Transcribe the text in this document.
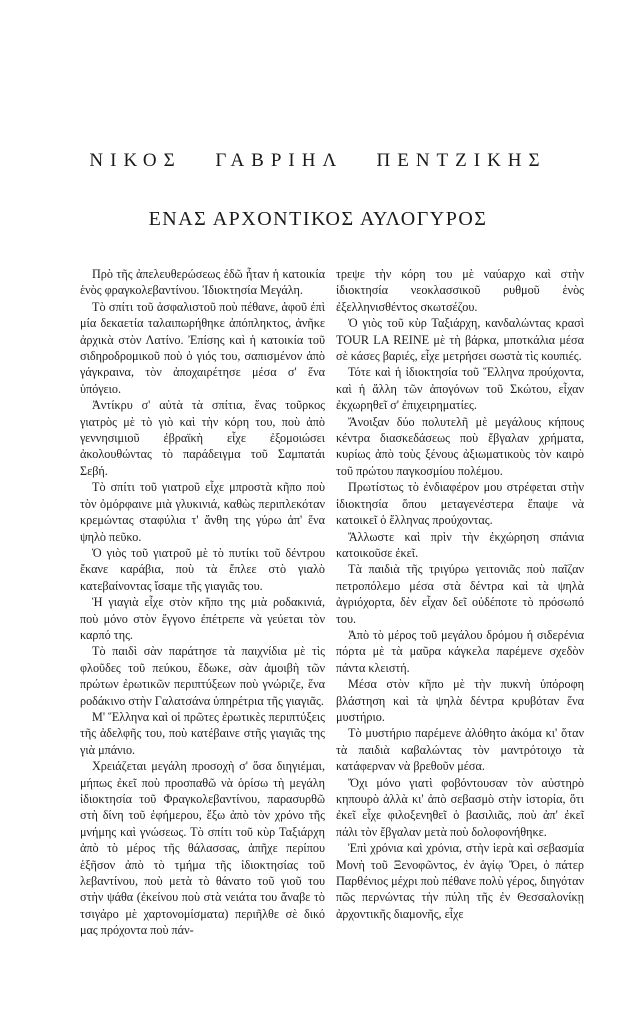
ΝΙΚΟΣ ΓΑΒΡΙΗΛ ΠΕΝΤΖΙΚΗΣ
ΕΝΑΣ ΑΡΧΟΝΤΙΚΟΣ ΑΥΛΟΓΥΡΟΣ

Πρὸ τῆς ἀπελευθερώσεως ἐδῶ ἦταν ἡ κατοικία ἑνὸς φραγκολεβαντίνου. Ἰδιοκτησία Μεγάλη.

Τὸ σπίτι τοῦ ἀσφαλιστοῦ ποὺ πέθανε, ἀφοῦ ἐπὶ μία δεκαετία ταλαιπωρήθηκε ἀπόπληκτος, ἀνῆκε ἀρχικὰ στὸν Λατίνο. Ἐπίσης καὶ ἡ κατοικία τοῦ σιδηροδρομικοῦ ποὺ ὁ γιός του, σαπισμένον ἀπὸ γάγκραινα, τὸν ἀποχαιρέτησε μέσα σ' ἕνα ὑπόγειο.

Ἀντίκρυ σ' αὐτὰ τὰ σπίτια, ἕνας τοῦρκος γιατρὸς μὲ τὸ γιὸ καὶ τὴν κόρη του, ποὺ ἀπὸ γεννησιμιοῦ ἐβραϊκὴ εἶχε ἐξομοιώσει ἀκολουθώντας τὸ παράδειγμα τοῦ Σαμπατάι Σεβή.

Τὸ σπίτι τοῦ γιατροῦ εἶχε μπροστὰ κῆπο ποὺ τὸν ὀμόρφαινε μιὰ γλυκινιά, καθὼς περιπλεκόταν κρεμώντας σταφύλια τ' ἄνθη της γύρω ἀπ' ἕνα ψηλὸ πεῦκο.

Ὁ γιὸς τοῦ γιατροῦ μὲ τὸ πυτίκι τοῦ δέντρου ἔκανε καράβια, ποὺ τὰ ἔπλεε στὸ γιαλὸ κατεβαίνοντας ἴσαμε τῆς γιαγιᾶς του.

Ἡ γιαγιὰ εἶχε στὸν κῆπο της μιὰ ροδακινιά, ποὺ μόνο στὸν ἔγγονο ἐπέτρεπε νὰ γεύεται τὸν καρπό της.

Τὸ παιδὶ σὰν παράτησε τὰ παιχνίδια μὲ τὶς φλοῦδες τοῦ πεύκου, ἔδωκε, σὰν ἀμοιβὴ τῶν πρώτων ἐρωτικῶν περιπτύξεων ποὺ γνώριζε, ἕνα ροδάκινο στὴν Γαλατσάνα ὑπηρέτρια τῆς γιαγιᾶς.

Μ' Ἕλληνα καὶ οἱ πρῶτες ἐρωτικὲς περιπτύξεις τῆς ἀδελφῆς του, ποὺ κατέβαινε στῆς γιαγιᾶς της γιὰ μπάνιο.

Χρειάζεται μεγάλη προσοχὴ σ' ὅσα διηγιέμαι, μήπως ἐκεῖ ποὺ προσπαθῶ νὰ ὁρίσω τὴ μεγάλη ἰδιοκτησία τοῦ Φραγκολεβαντίνου, παρασυρθῶ στὴ δίνη τοῦ ἐφήμερου, ἔξω ἀπὸ τὸν χρόνο τῆς μνήμης καὶ γνώσεως. Τὸ σπίτι τοῦ κὺρ Ταξιάρχη ἀπὸ τὸ μέρος τῆς θάλασσας, ἀπῆχε περίπου ἑξῆσον ἀπὸ τὸ τμήμα τῆς ἰδιοκτησίας τοῦ λεβαντίνου, ποὺ μετὰ τὸ θάνατο τοῦ γιοῦ του στὴν ψάθα (ἐκείνου ποὺ στὰ νειάτα του ἄναβε τὸ τσιγάρο μὲ χαρτονομίσματα) περιῆλθε σὲ δικό μας πρόχοντα ποὺ πάν-

τρεψε τὴν κόρη του μὲ ναύαρχο καὶ στὴν ἰδιοκτησία νεοκλασσικοῦ ρυθμοῦ ἑνὸς ἐξελληνισθέντος σκωτσέζου.

Ὁ γιὸς τοῦ κὺρ Ταξιάρχη, κανδαλώντας κρασὶ TOUR LA REINE μὲ τὴ βάρκα, μποτκάλια μέσα σὲ κάσες βαριές, εἶχε μετρήσει σωστὰ τὶς κουπιές.

Τότε καὶ ἡ ἰδιοκτησία τοῦ Ἕλληνα προύχοντα, καὶ ἡ ἄλλη τῶν ἀπογόνων τοῦ Σκώτου, εἶχαν ἐκχωρηθεῖ σ' ἐπιχειρηματίες.

Ἄνοιξαν δύο πολυτελῆ μὲ μεγάλους κήπους κέντρα διασκεδάσεως ποὺ ἔβγαλαν χρήματα, κυρίως ἀπὸ τοὺς ξένους ἀξιωματικοὺς τὸν καιρὸ τοῦ πρώτου παγκοσμίου πολέμου.

Πρωτίστως τὸ ἐνδιαφέρον μου στρέφεται στὴν ἰδιοκτησία ὅπου μεταγενέστερα ἔπαψε νὰ κατοικεῖ ὁ ἕλληνας προύχοντας.

Ἄλλωστε καὶ πρὶν τὴν ἐκχώρηση σπάνια κατοικοῦσε ἐκεῖ.

Τὰ παιδιὰ τῆς τριγύρω γειτονιᾶς ποὺ παῖζαν πετροπόλεμο μέσα στὰ δέντρα καὶ τὰ ψηλὰ ἀγριόχορτα, δὲν εἶχαν δεῖ οὐδέποτε τὸ πρόσωπό του.

Ἀπὸ τὸ μέρος τοῦ μεγάλου δρόμου ἡ σιδερένια πόρτα μὲ τὰ μαῦρα κάγκελα παρέμενε σχεδὸν πάντα κλειστή.

Μέσα στὸν κῆπο μὲ τὴν πυκνὴ ὑπόροφη βλάστηση καὶ τὰ ψηλὰ δέντρα κρυβόταν ἕνα μυστήριο.

Τὸ μυστήριο παρέμενε ἀλόθητο ἀκόμα κι' ὅταν τὰ παιδιὰ καβαλώντας τὸν μαντρότοιχο τὰ κατάφερναν νὰ βρεθοῦν μέσα.

Ὄχι μόνο γιατὶ φοβόντουσαν τὸν αὐστηρὸ κηπουρὸ ἀλλὰ κι' ἀπὸ σεβασμὸ στὴν ἱστορία, ὅτι ἐκεῖ εἶχε φιλοξενηθεῖ ὁ βασιλιᾶς, ποὺ ἀπ' ἐκεῖ πάλι τὸν ἔβγαλαν μετὰ ποὺ δολοφονήθηκε.

Ἐπὶ χρόνια καὶ χρόνια, στὴν ἱερὰ καὶ σεβασμία Μονὴ τοῦ Ξενοφῶντος, ἐν ἁγίῳ Ὄρει, ὁ πάτερ Παρθένιος μέχρι ποὺ πέθανε πολὺ γέρος, διηγόταν πῶς περνώντας τὴν πύλη τῆς ἐν Θεσσαλονίκῃ ἀρχοντικῆς διαμονῆς, εἶχε
